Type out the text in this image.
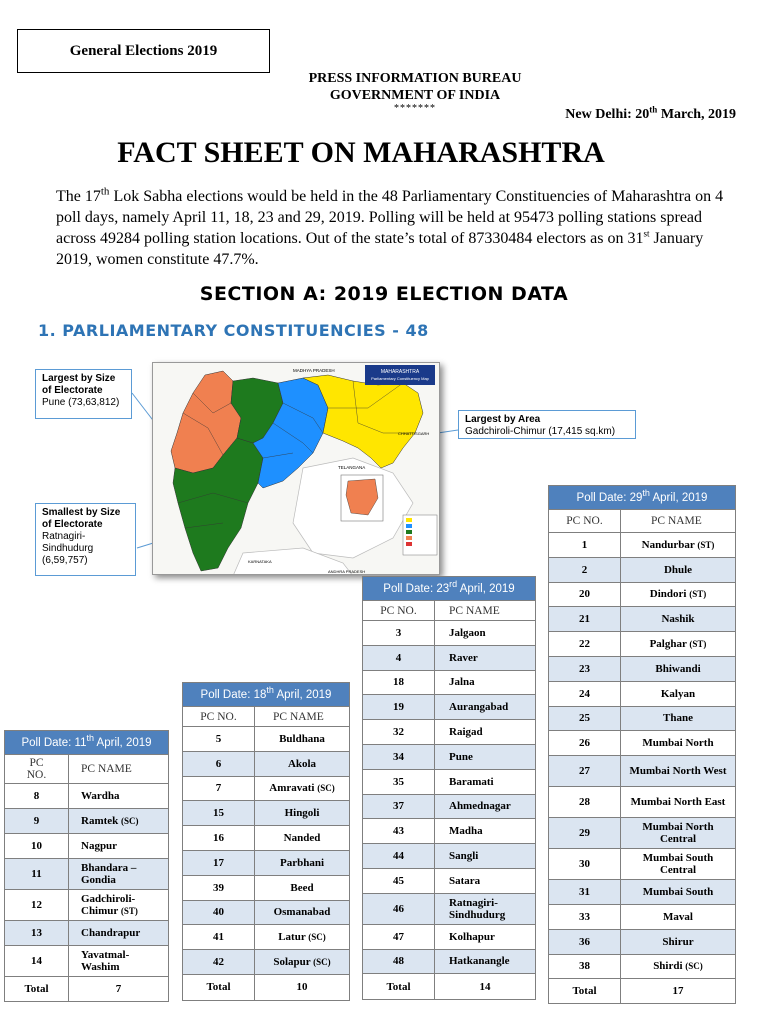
General Elections 2019
PRESS INFORMATION BUREAU
GOVERNMENT OF INDIA
*******	New Delhi: 20th March, 2019
FACT SHEET ON MAHARASHTRA
The 17th Lok Sabha elections would be held in the 48 Parliamentary Constituencies of Maharashtra on 4 poll days, namely April 11, 18, 23 and 29, 2019. Polling will be held at 95473 polling stations spread across 49284 polling station locations. Out of the state’s total of 87330484 electors as on 31st January 2019, women constitute 47.7%.
SECTION A: 2019 ELECTION DATA
1. PARLIAMENTARY CONSTITUENCIES - 48
Largest by Size of Electorate
Pune (73,63,812)
Smallest by Size of Electorate
Ratnagiri-Sindhudurg (6,59,757)
Largest by Area
Gadchiroli-Chimur (17,415 sq.km)
MAHARASHTRA
Parliamentary Constituency Map
MADHYA PRADESH
CHHATTISGARH
TELANGANA
KARNATAKA
ANDHRA PRADESH
Poll Date: 11th April, 2019	
PC
NO.	PC NAME
8	Wardha
9	Ramtek (SC)
10	Nagpur
11	Bhandara – Gondia
12	Gadchiroli-Chimur (ST)
13	Chandrapur
14	Yavatmal-Washim
Total	7
Poll Date: 18th April, 2019	
PC NO.	PC NAME
5	Buldhana
6	Akola
7	Amravati (SC)
15	Hingoli
16	Nanded
17	Parbhani
39	Beed
40	Osmanabad
41	Latur (SC)
42	Solapur (SC)
Total	10
Poll Date: 23rd April, 2019	
PC NO.	PC NAME
3	Jalgaon
4	Raver
18	Jalna
19	Aurangabad
32	Raigad
34	Pune
35	Baramati
37	Ahmednagar
43	Madha
44	Sangli
45	Satara
46	Ratnagiri-Sindhudurg
47	Kolhapur
48	Hatkanangle
Total	14
Poll Date: 29th April, 2019	
PC NO.	PC NAME
1	Nandurbar (ST)
2	Dhule
20	Dindori (ST)
21	Nashik
22	Palghar (ST)
23	Bhiwandi
24	Kalyan
25	Thane
26	Mumbai North
27	Mumbai North West
28	Mumbai North East
29	Mumbai North Central
30	Mumbai South Central
31	Mumbai South
33	Maval
36	Shirur
38	Shirdi (SC)
Total	17
